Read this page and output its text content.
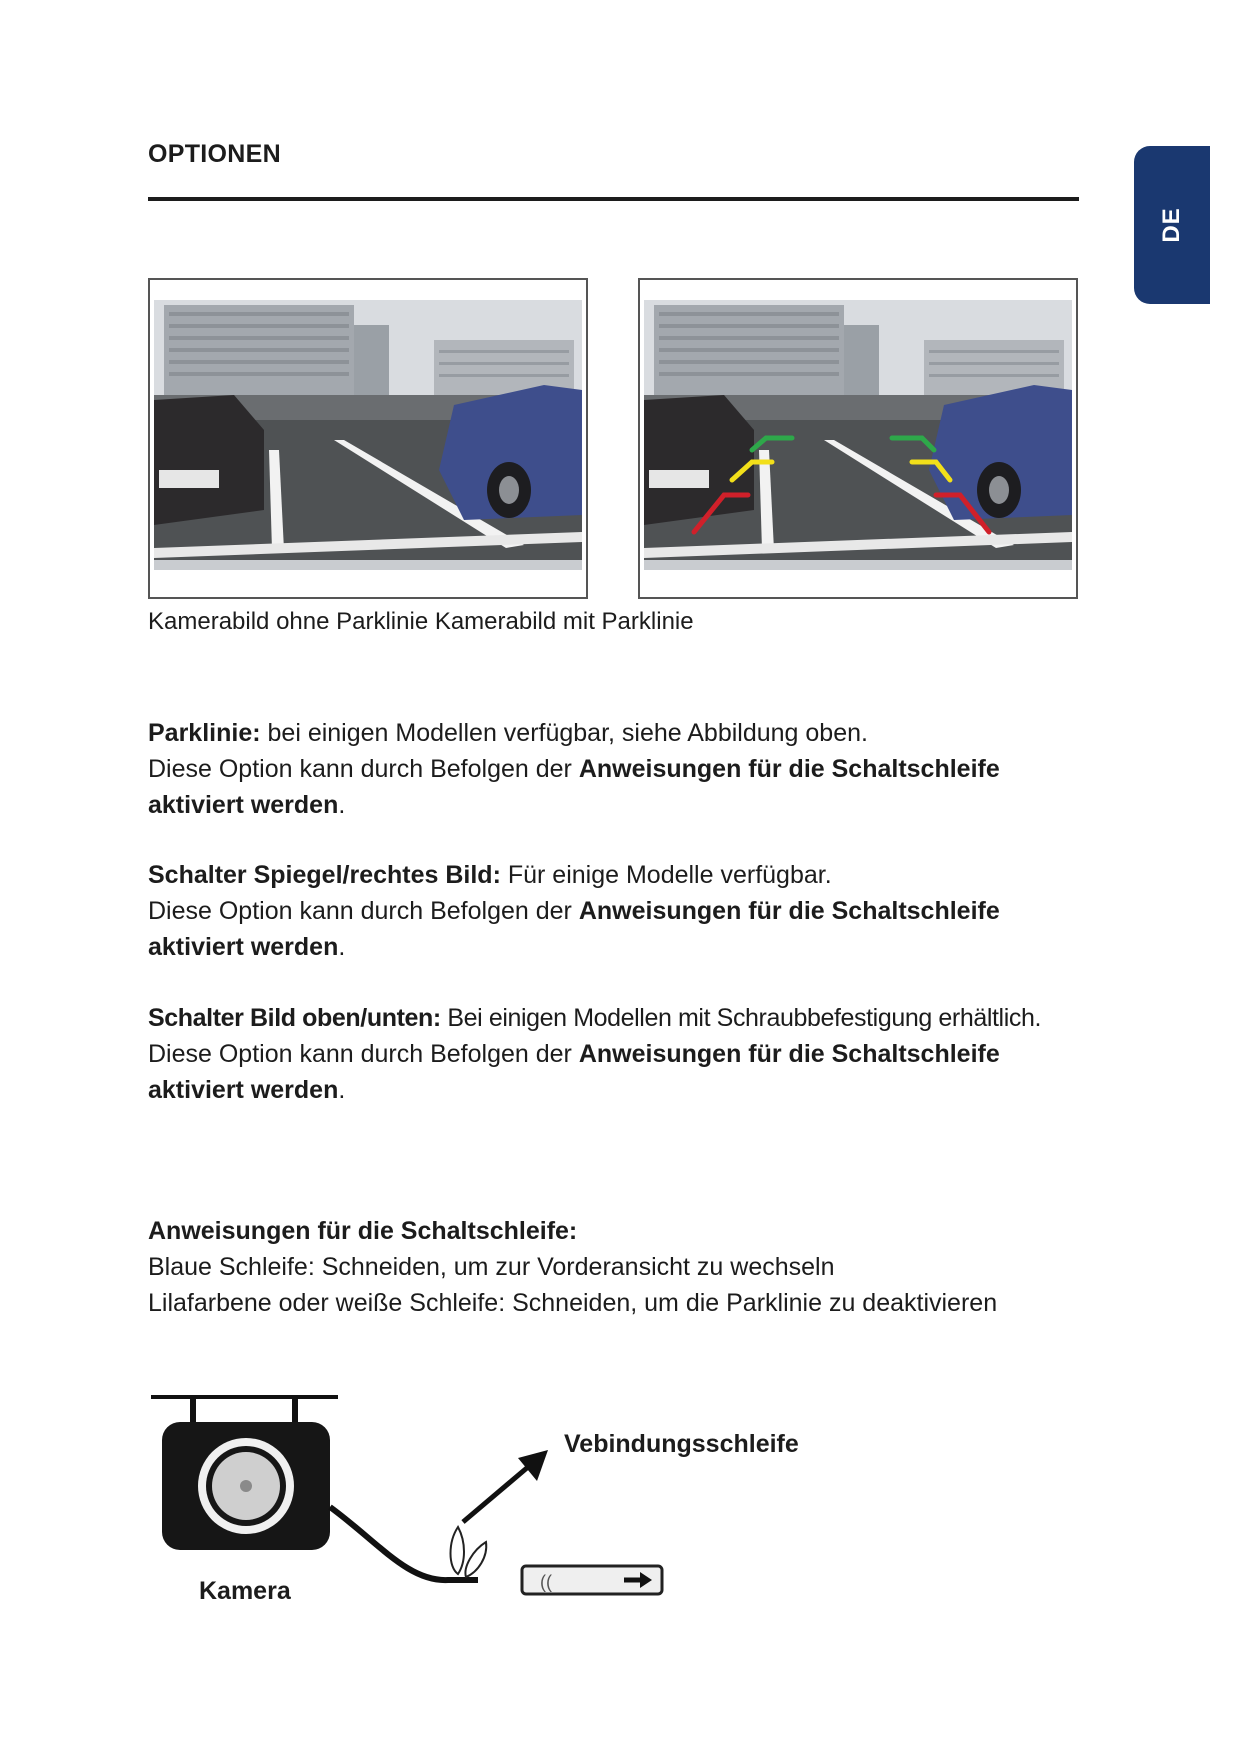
OPTIONEN
DE
Kamerabild ohne Parklinie Kamerabild mit Parklinie
Parklinie: bei einigen Modellen verfügbar, siehe Abbildung oben.
Diese Option kann durch Befolgen der Anweisungen für die Schaltschleife
aktiviert werden.
Schalter Spiegel/rechtes Bild: Für einige Modelle verfügbar.
Diese Option kann durch Befolgen der Anweisungen für die Schaltschleife
aktiviert werden.
Schalter Bild oben/unten: Bei einigen Modellen mit Schraubbefestigung erhältlich.
Diese Option kann durch Befolgen der Anweisungen für die Schaltschleife
aktiviert werden.
Anweisungen für die Schaltschleife:
Blaue Schleife: Schneiden, um zur Vorderansicht zu wechseln
Lilafarbene oder weiße Schleife: Schneiden, um die Parklinie zu deaktivieren
((
Vebindungsschleife
Kamera
